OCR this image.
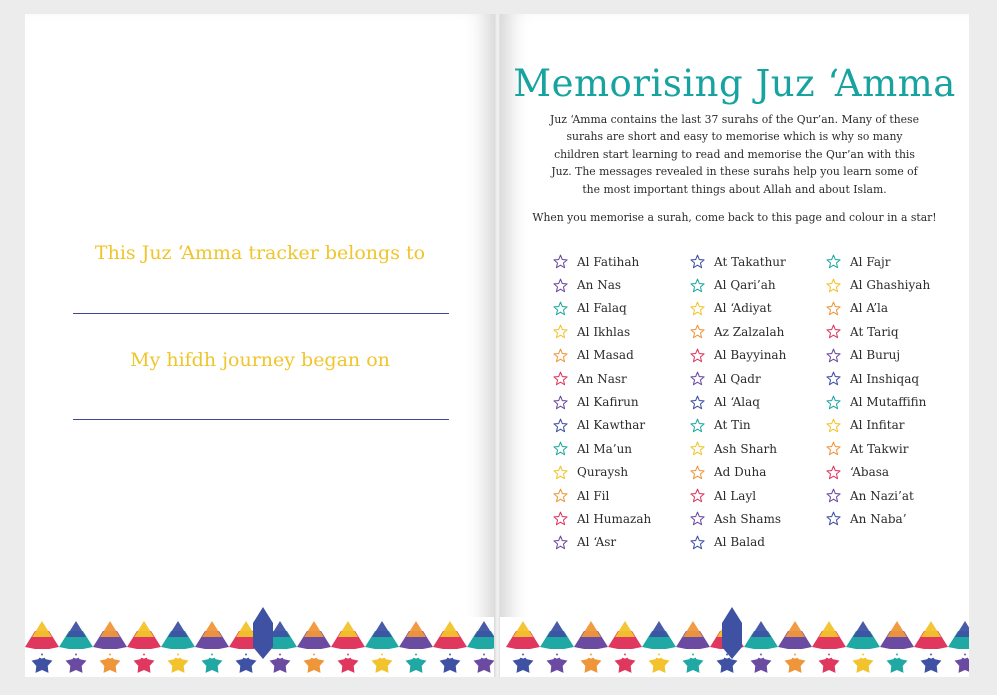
This Juz ‘Amma tracker belongs to
My hifdh journey began on
Memorising Juz ‘Amma
Juz ‘Amma contains the last 37 surahs of the Qur’an. Many of these surahs are short and easy to memorise which is why so many children start learning to read and memorise the Qur’an with this Juz. The messages revealed in these surahs help you learn some of the most important things about Allah and about Islam.
When you memorise a surah, come back to this page and colour in a star!
Al Fatihah
An Nas
Al Falaq
Al Ikhlas
Al Masad
An Nasr
Al Kafirun
Al Kawthar
Al Ma’un
Quraysh
Al Fil
Al Humazah
Al ‘Asr
At Takathur
Al Qari’ah
Al ‘Adiyat
Az Zalzalah
Al Bayyinah
Al Qadr
Al ‘Alaq
At Tin
Ash Sharh
Ad Duha
Al Layl
Ash Shams
Al Balad
Al Fajr
Al Ghashiyah
Al A’la
At Tariq
Al Buruj
Al Inshiqaq
Al Mutaffifin
Al Infitar
At Takwir
‘Abasa
An Nazi’at
An Naba’
